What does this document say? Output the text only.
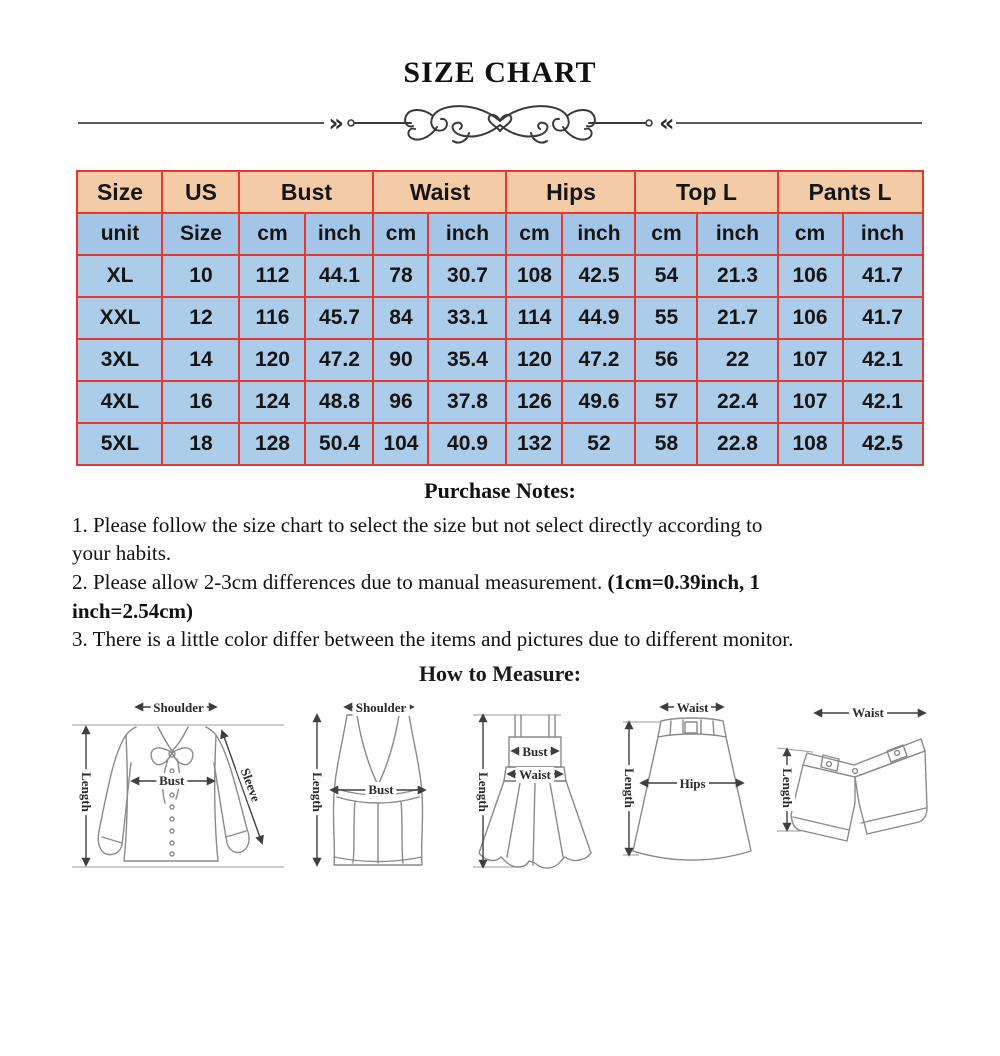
SIZE CHART
»	«
Size	US	Bust		Waist		Hips		Top L		Pants L	
unit	Size	cm	inch	cm	inch	cm	inch	cm	inch	cm	inch
XL	10	112	44.1	78	30.7	108	42.5	54	21.3	106	41.7
XXL	12	116	45.7	84	33.1	114	44.9	55	21.7	106	41.7
3XL	14	120	47.2	90	35.4	120	47.2	56	22	107	42.1
4XL	16	124	48.8	96	37.8	126	49.6	57	22.4	107	42.1
5XL	18	128	50.4	104	40.9	132	52	58	22.8	108	42.5
Purchase Notes:
1. Please follow the size chart to select the size but not select directly according to
your habits.
2. Please allow 2-3cm differences due to manual measurement. (1cm=0.39inch, 1
inch=2.54cm)
3. There is a little color differ between the items and pictures due to different monitor.
How to Measure:
Shoulder
Bust
Length	Sleeve
Shoulder
Bust
Length
Bust
Waist
Length
Waist
Hips
Length
Waist
Length
